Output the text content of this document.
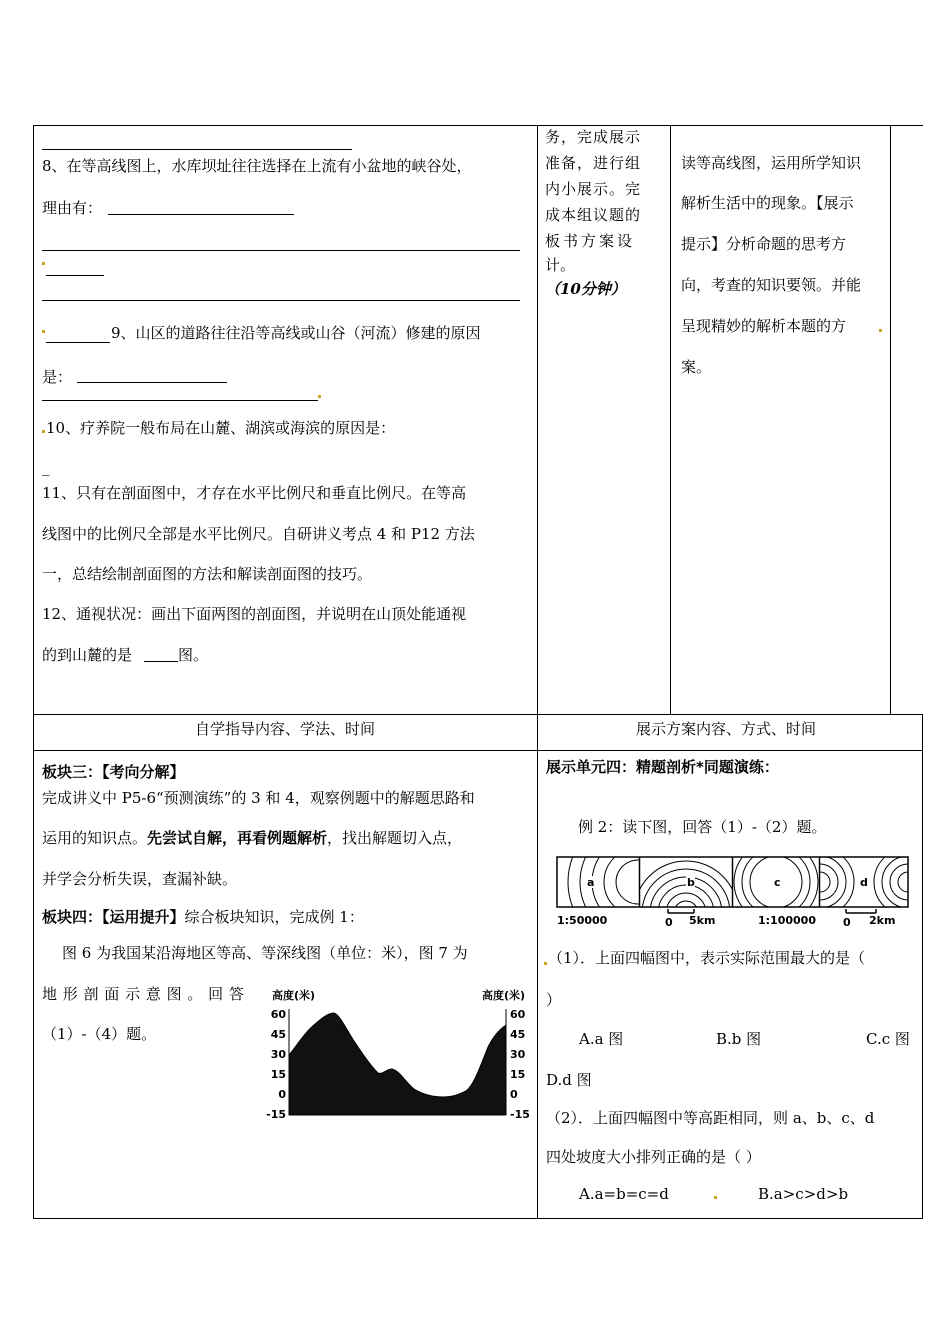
8、在等高线图上，水库坝址往往选择在上流有小盆地的峡谷处，
理由有：
9、山区的道路往往沿等高线或山谷（河流）修建的原因
是：
10、疗养院一般布局在山麓、湖滨或海滨的原因是：
_
11、只有在剖面图中，才存在水平比例尺和垂直比例尺。在等高
线图中的比例尺全部是水平比例尺。自研讲义考点 4 和 P12 方法
一，总结绘制剖面图的方法和解读剖面图的技巧。
12、通视状况：画出下面两图的剖面图，并说明在山顶处能通视
的到山麓的是	图。
务，完成展示
准备，进行组
内小展示。完
成本组议题的
板书方案设
计。
（10分钟）
读等高线图，运用所学知识
解析生活中的现象。【展示
提示】分析命题的思考方
向，考查的知识要领。并能
呈现精妙的解析本题的方
案。
自学指导内容、学法、时间	展示方案内容、方式、时间
板块三：【考向分解】
完成讲义中 P5-6“预测演练”的 3 和 4，观察例题中的解题思路和
运用的知识点。先尝试自解，再看例题解析，找出解题切入点，
并学会分析失误，查漏补缺。
板块四：【运用提升】综合板块知识，完成例 1：
图 6 为我国某沿海地区等高、等深线图（单位：米），图 7 为
地 形 剖 面 示 意 图 。 回 答
（1）-（4）题。
高度(米)	高度(米)
60
45
30
15
0
-15
60
45
30
15
0
-15
展示单元四：精题剖析*同题演练：
例 2：读下图，回答（1）-（2）题。
a	b	c	d
1:50000	0 5km	1:100000 0 2km
（1）．上面四幅图中，表示实际范围最大的是（
）
A.a 图	B.b 图	C.c 图
D.d 图
（2）．上面四幅图中等高距相同，则 a、b、c、d
四处坡度大小排列正确的是（ ）
A.a=b=c=d	B.a>c>d>b
